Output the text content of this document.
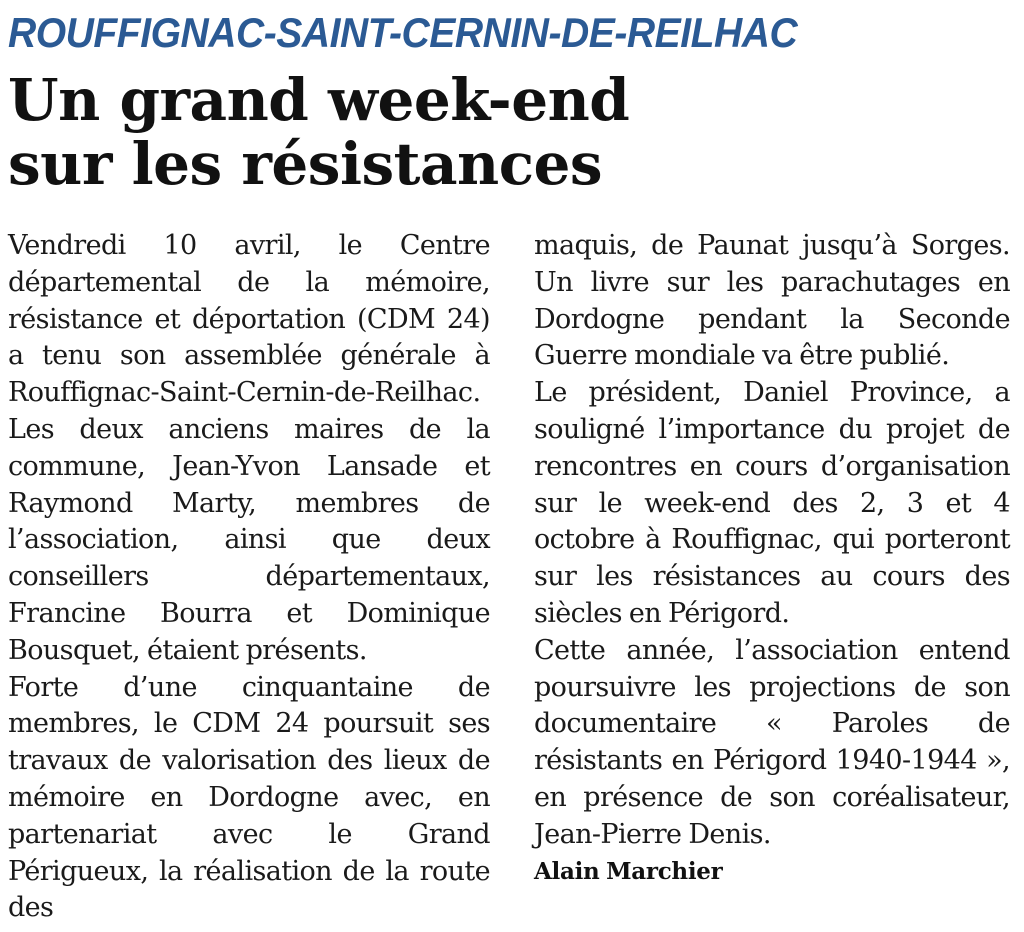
ROUFFIGNAC-SAINT-CERNIN-DE-REILHAC
Un grand week-end
sur les résistances

Vendredi 10 avril, le Centre départemental de la mémoire, résistance et déportation (CDM 24) a tenu son assemblée générale à Rouffignac-Saint-Cernin-de-Reilhac. Les deux anciens maires de la commune, Jean-Yvon Lansade et Raymond Marty, membres de l’association, ainsi que deux conseillers départementaux, Francine Bourra et Dominique Bousquet, étaient présents.

Forte d’une cinquantaine de membres, le CDM 24 poursuit ses travaux de valorisation des lieux de mémoire en Dordogne avec, en partenariat avec le Grand Périgueux, la réalisation de la route des

maquis, de Paunat jusqu’à Sorges. Un livre sur les parachutages en Dordogne pendant la Seconde Guerre mondiale va être publié.

Le président, Daniel Province, a souligné l’importance du projet de rencontres en cours d’organisation sur le week-end des 2, 3 et 4 octobre à Rouffignac, qui porteront sur les résistances au cours des siècles en Périgord.

Cette année, l’association entend poursuivre les projections de son documentaire « Paroles de résistants en Périgord 1940-1944 », en présence de son coréalisateur, Jean-Pierre Denis.

Alain Marchier
